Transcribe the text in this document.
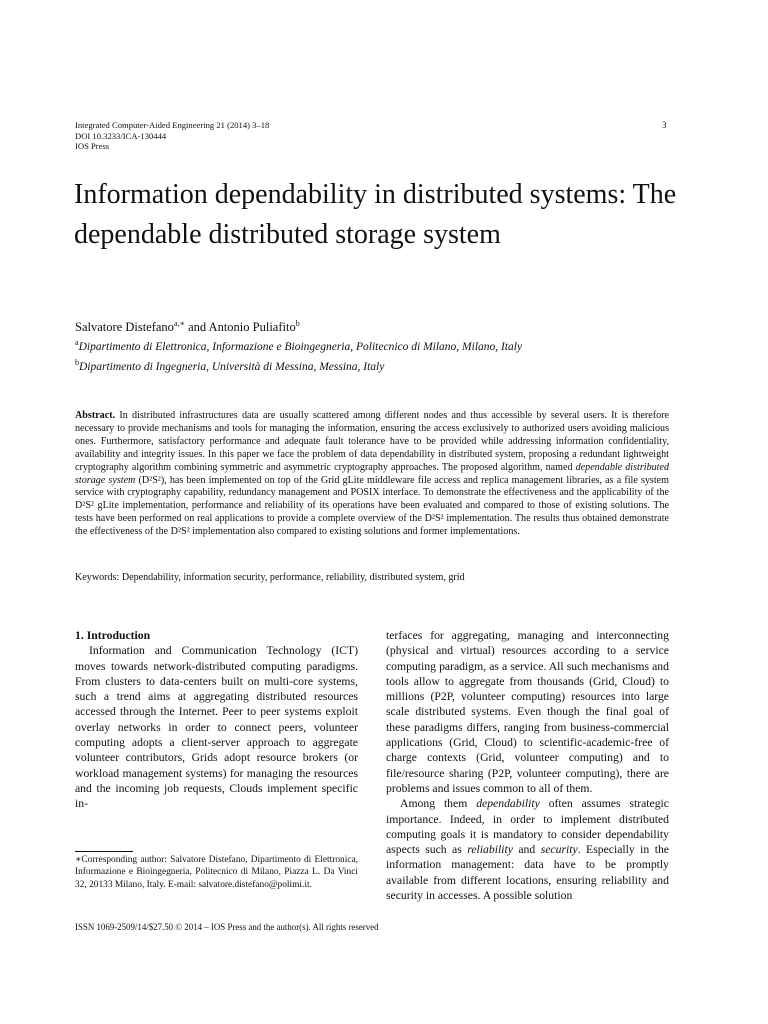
Integrated Computer-Aided Engineering 21 (2014) 3–18
DOI 10.3233/ICA-130444
IOS Press
3
Information dependability in distributed systems: The dependable distributed storage system
Salvatore Distefano$^{a,∗}$ and Antonio Puliafito$^b$
$^a$Dipartimento di Elettronica, Informazione e Bioingegneria, Politecnico di Milano, Milano, Italy
$^b$Dipartimento di Ingegneria, Università di Messina, Messina, Italy

Abstract. In distributed infrastructures data are usually scattered among different nodes and thus accessible by several users. It is therefore necessary to provide mechanisms and tools for managing the information, ensuring the access exclusively to authorized users avoiding malicious ones. Furthermore, satisfactory performance and adequate fault tolerance have to be provided while addressing information confidentiality, availability and integrity issues. In this paper we face the problem of data dependability in distributed system, proposing a redundant lightweight cryptography algorithm combining symmetric and asymmetric cryptography approaches. The proposed algorithm, named dependable distributed storage system (D²S²), has been implemented on top of the Grid gLite middleware file access and replica management libraries, as a file system service with cryptography capability, redundancy management and POSIX interface. To demonstrate the effectiveness and the applicability of the D²S² gLite implementation, performance and reliability of its operations have been evaluated and compared to those of existing solutions. The tests have been performed on real applications to provide a complete overview of the D²S² implementation. The results thus obtained demonstrate the effectiveness of the D²S² implementation also compared to existing solutions and former implementations.

Keywords: Dependability, information security, performance, reliability, distributed system, grid

1. Introduction

Information and Communication Technology (ICT) moves towards network-distributed computing paradigms. From clusters to data-centers built on multi-core systems, such a trend aims at aggregating distributed resources accessed through the Internet. Peer to peer systems exploit overlay networks in order to connect peers, volunteer computing adopts a client-server approach to aggregate volunteer contributors, Grids adopt resource brokers (or workload management systems) for managing the resources and the incoming job requests, Clouds implement specific in-

terfaces for aggregating, managing and interconnecting (physical and virtual) resources according to a service computing paradigm, as a service. All such mechanisms and tools allow to aggregate from thousands (Grid, Cloud) to millions (P2P, volunteer computing) resources into large scale distributed systems. Even though the final goal of these paradigms differs, ranging from business-commercial applications (Grid, Cloud) to scientific-academic-free of charge contexts (Grid, volunteer computing) and to file/resource sharing (P2P, volunteer computing), there are problems and issues common to all of them.

Among them dependability often assumes strategic importance. Indeed, in order to implement distributed computing goals it is mandatory to consider dependability aspects such as reliability and security. Especially in the information management: data have to be promptly available from different locations, ensuring reliability and security in accesses. A possible solution

∗Corresponding author: Salvatore Distefano, Dipartimento di Elettronica, Informazione e Bioingegneria, Politecnico di Milano, Piazza L. Da Vinci 32, 20133 Milano, Italy. E-mail: salvatore.distefano@polimi.it.

ISSN 1069-2509/14/$27.50 © 2014 – IOS Press and the author(s). All rights reserved
